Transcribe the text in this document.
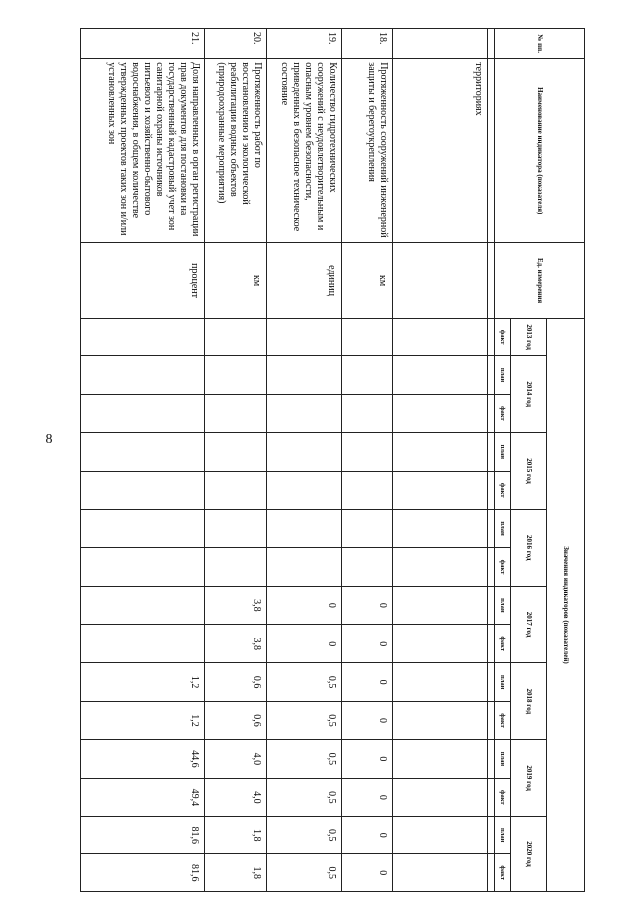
8
№ пп.	Наименование индикатора (показателя)	Ед. измерения	Значения индикаторов (показателей)														
			2013 год	2014 год		2015 год		2016 год		2017 год		2018 год		2019 год		2020 год	
			факт	план	факт	план	факт	план	факт	план	факт	план	факт	план	факт	план	факт

	территориях																
18.	Протяженность сооружений инженерной защиты и берегоукрепления	км								0	0	0	0	0	0	0	0
19.	Количество гидротехнических сооружений с неудовлетворительным и опасным уровнем безопасности, приведенных в безопасное техническое состояние	единиц								0	0	0,5	0,5	0,5	0,5	0,5	0,5
20.	Протяженность работ по восстановлению и экологической реабилитации водных объектов (природоохранные мероприятия)	км								3,8	3,8	0,6	0,6	4,0	4,0	1,8	1,8
21.	Доля направленных в орган регистрации прав документов для постановки на государственный кадастровый учет зон санитарной охраны источников питьевого и хозяйственно-бытового водоснабжения, в общем количестве утвержденных проектов таких зон и/или установленных зон	процент										1,2	1,2	44,6	49,4	81,6	81,6
